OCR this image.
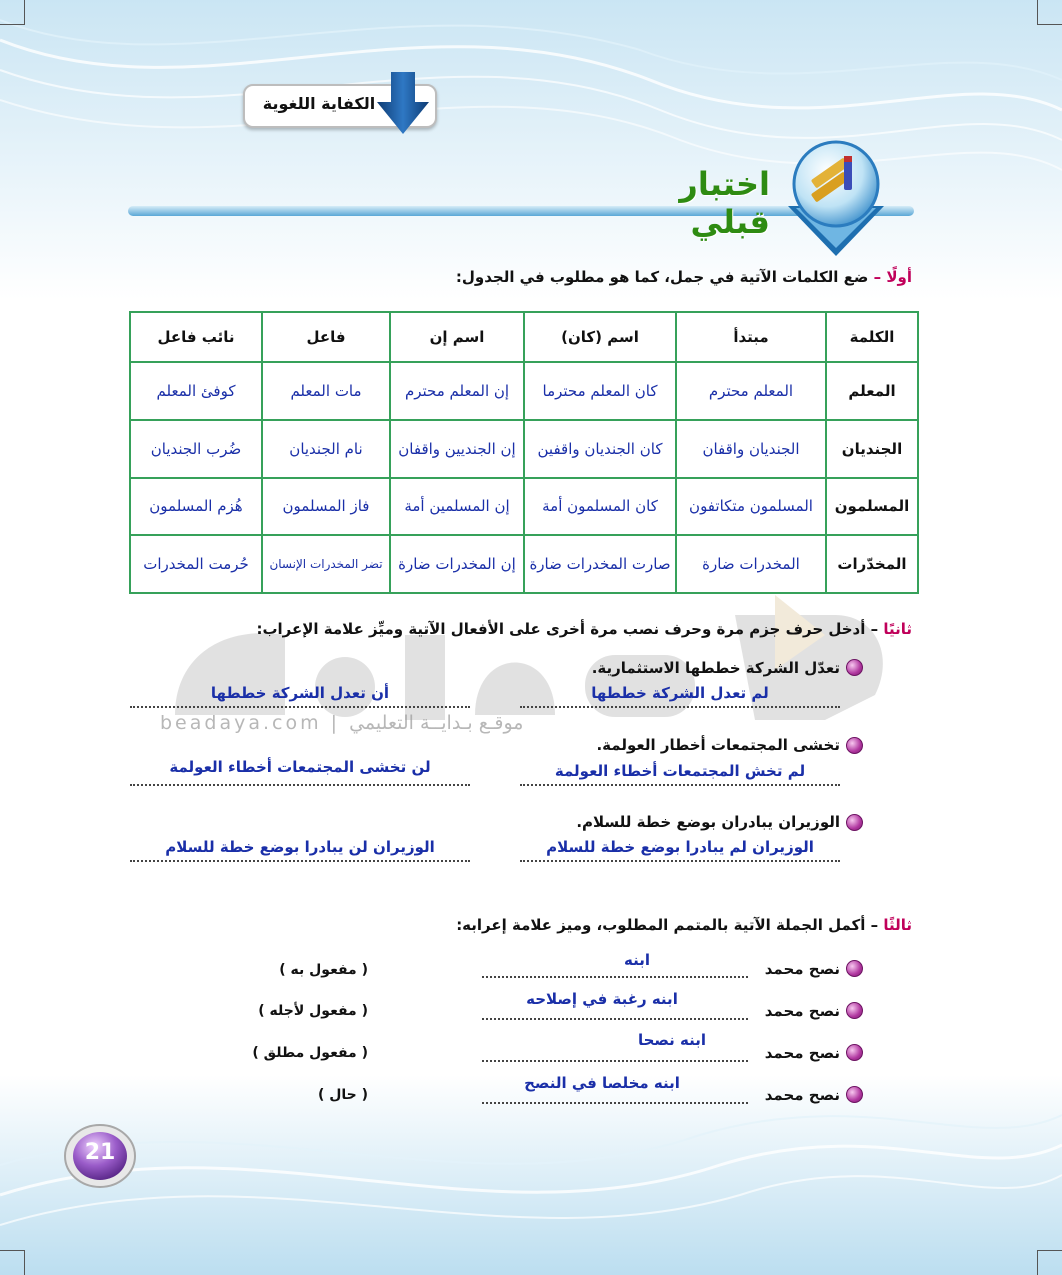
الكفاية اللغوية
اختبار قبلي
أولًا – ضع الكلمات الآتية في جمل، كما هو مطلوب في الجدول:
الكلمة	مبتدأ	اسم (كان)	اسم إن	فاعل	نائب فاعل
المعلم	المعلم محترم	كان المعلم محترما	إن المعلم محترم	مات المعلم	كوفئ المعلم
الجنديان	الجنديان واقفان	كان الجنديان واقفين	إن الجنديين واقفان	نام الجنديان	ضُرب الجنديان
المسلمون	المسلمون متكاتفون	كان المسلمون أمة	إن المسلمين أمة	فاز المسلمون	هُزم المسلمون
المخدّرات	المخدرات ضارة	صارت المخدرات ضارة	إن المخدرات ضارة	تضر المخدرات الإنسان	حُرمت المخدرات
beadaya.com | موقـع بـدايــة التعليمي
ثانيًا – أدخل حرف جزم مرة وحرف نصب مرة أخرى على الأفعال الآتية وميِّز علامة الإعراب:
تعدّل الشركة خططها الاستثمارية.
لم تعدل الشركة خططها
أن تعدل الشركة خططها
تخشى المجتمعات أخطار العولمة.
لم تخش المجتمعات أخطاء العولمة
لن تخشى المجتمعات أخطاء العولمة
الوزيران يبادران بوضع خطة للسلام.
الوزيران لم يبادرا بوضع خطة للسلام
الوزيران لن يبادرا بوضع خطة للسلام
ثالثًا – أكمل الجملة الآتية بالمتمم المطلوب، وميز علامة إعرابه:
نصح محمد
ابنه
( مفعول به )
نصح محمد
ابنه رغبة في إصلاحه
( مفعول لأجله )
نصح محمد
ابنه نصحا
( مفعول مطلق )
نصح محمد
ابنه مخلصا في النصح
( حال )
21
